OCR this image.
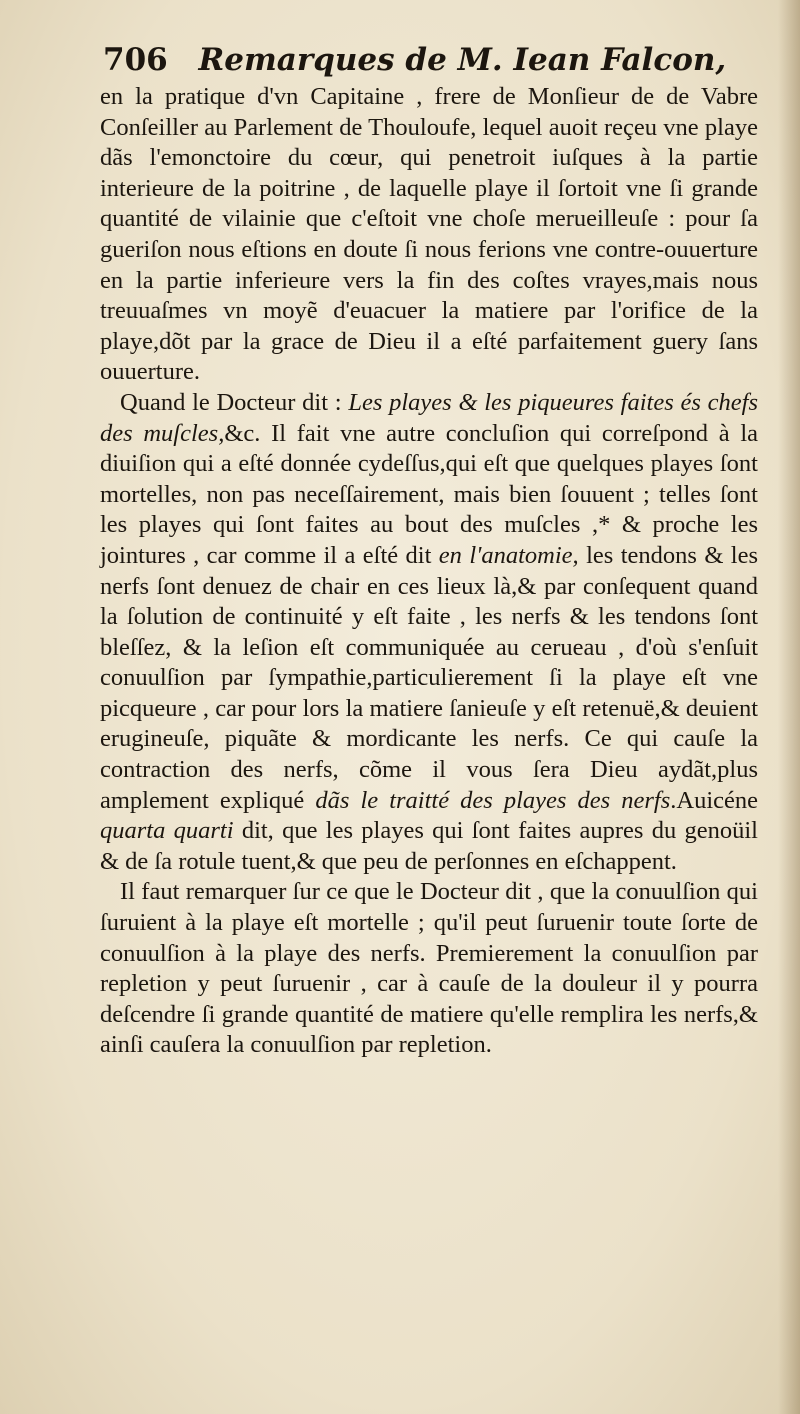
706 Remarques de M. Iean Falcon,

en la pratique d'vn Capitaine , frere de Monſieur de de Vabre Conſeiller au Parlement de Thouloufe, lequel auoit reçeu vne playe dãs l'emonctoire du cœur, qui penetroit iuſques à la partie interieure de la poitrine , de laquelle playe il ſortoit vne ſi grande quantité de vilainie que c'eſtoit vne choſe merueilleuſe : pour ſa gueriſon nous eſtions en doute ſi nous ferions vne contre-ouuerture en la partie inferieure vers la fin des coſtes vrayes,mais nous treuuaſmes vn moyẽ d'euacuer la matiere par l'orifice de la playe,dõt par la grace de Dieu il a eſté parfaitement guery ſans ouuerture.

Quand le Docteur dit : Les playes & les piqueures faites és chefs des muſcles,&c. Il fait vne autre concluſion qui correſpond à la diuiſion qui a eſté donnée cydeſſus,qui eſt que quelques playes ſont mortelles, non pas neceſſairement, mais bien ſouuent ; telles ſont les playes qui ſont faites au bout des muſcles ,* & proche les jointures , car comme il a eſté dit en l'anatomie, les tendons & les nerfs ſont denuez de chair en ces lieux là,& par conſequent quand la ſolution de continuité y eſt faite , les nerfs & les tendons ſont bleſſez, & la leſion eſt communiquée au cerueau , d'où s'enſuit conuulſion par ſympathie,particulierement ſi la playe eſt vne picqueure , car pour lors la matiere ſanieuſe y eſt retenuë,& deuient erugineuſe, piquãte & mordicante les nerfs. Ce qui cauſe la contraction des nerfs, cõme il vous ſera Dieu aydãt,plus amplement expliqué dãs le traitté des playes des nerfs.Auicéne quarta quarti dit, que les playes qui ſont faites aupres du genoüil & de ſa rotule tuent,& que peu de perſonnes en eſchappent.

Il faut remarquer ſur ce que le Docteur dit , que la conuulſion qui ſuruient à la playe eſt mortelle ; qu'il peut ſuruenir toute ſorte de conuulſion à la playe des nerfs. Premierement la conuulſion par repletion y peut ſuruenir , car à cauſe de la douleur il y pourra deſcendre ſi grande quantité de matiere qu'elle remplira les nerfs,& ainſi cauſera la conuulſion par repletion.
